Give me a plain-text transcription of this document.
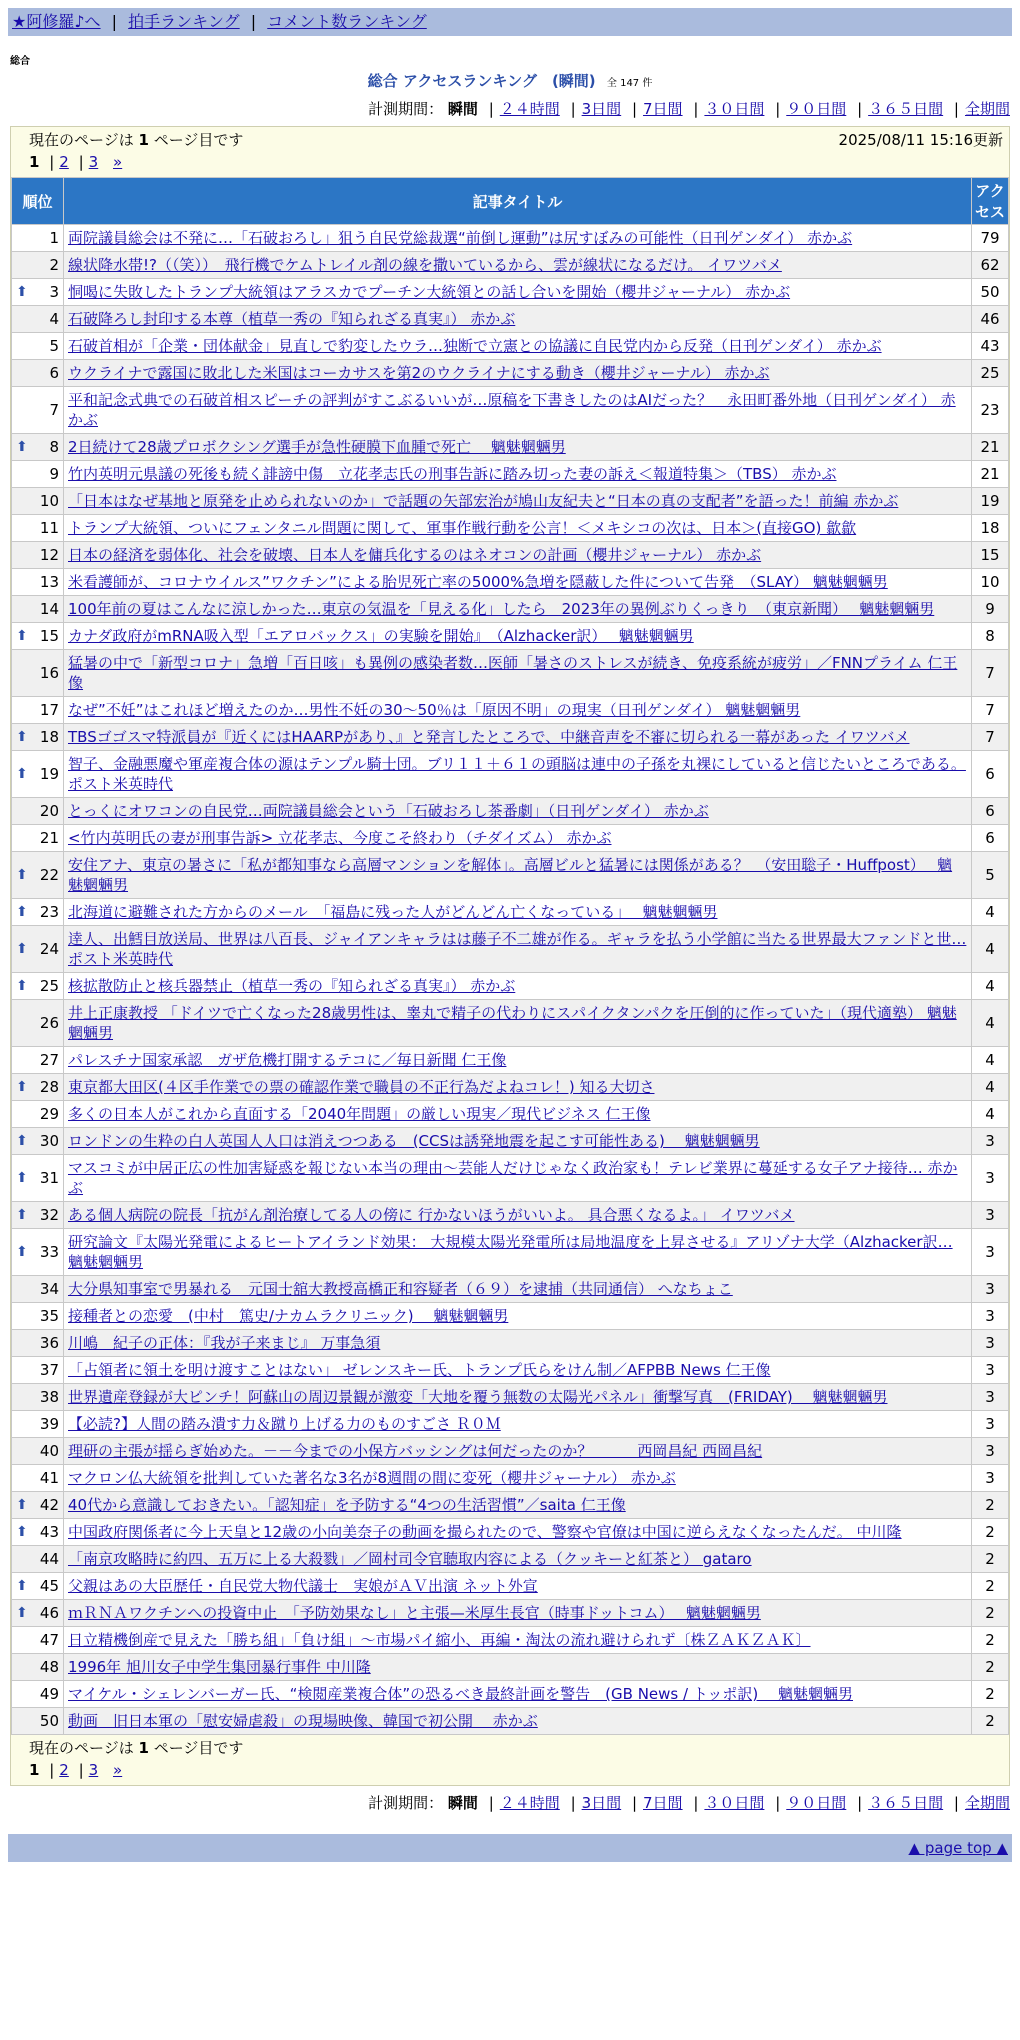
★阿修羅♪へ | 拍手ランキング | コメント数ランキング
総合
総合 アクセスランキング　(瞬間) 全 147 件
計測期間： 瞬間 | ２４時間 | 3日間 | 7日間 | ３０日間 | ９０日間 | ３６５日間 | 全期間
現在のページは 1 ページ目です	2025/08/11 15:16更新
1 | 2 | 3 »
順位	記事タイトル	アクセス
1	両院議員総会は不発に…「石破おろし」狙う自民党総裁選“前倒し運動”は尻すぼみの可能性（日刊ゲンダイ） 赤かぶ	79
2	線状降水帯!?（（笑））　飛行機でケムトレイル剤の線を撒いているから、雲が線状になるだけ。 イワツバメ	62

⬆ 3	恫喝に失敗したトランプ大統領はアラスカでプーチン大統領との話し合いを開始（櫻井ジャーナル） 赤かぶ	50
4	石破降ろし封印する本尊（植草一秀の『知られざる真実』） 赤かぶ	46
5	石破首相が「企業・団体献金」見直しで豹変したウラ…独断で立憲との協議に自民党内から反発（日刊ゲンダイ） 赤かぶ	43
6	ウクライナで露国に敗北した米国はコーカサスを第2のウクライナにする動き（櫻井ジャーナル） 赤かぶ	25
7	平和記念式典での石破首相スピーチの評判がすこぶるいいが…原稿を下書きしたのはAIだった？　永田町番外地（日刊ゲンダイ） 赤かぶ	23

⬆ 8	2日続けて28歳プロボクシング選手が急性硬膜下血腫で死亡　 魑魅魍魎男	21
9	竹内英明元県議の死後も続く誹謗中傷　立花孝志氏の刑事告訴に踏み切った妻の訴え＜報道特集＞（TBS） 赤かぶ	21
10	「日本はなぜ基地と原発を止められないのか」で話題の矢部宏治が鳩山友紀夫と“日本の真の支配者”を語った！前編 赤かぶ	19
11	トランプ大統領、ついにフェンタニル問題に関して、軍事作戦行動を公言！＜メキシコの次は、日本＞(直接GO) 歙歙	18
12	日本の経済を弱体化、社会を破壊、日本人を傭兵化するのはネオコンの計画（櫻井ジャーナル） 赤かぶ	15
13	米看護師が、コロナウイルス”ワクチン”による胎児死亡率の5000%急増を隠蔽した件について告発　（SLAY） 魑魅魍魎男	10
14	100年前の夏はこんなに涼しかった…東京の気温を「見える化」したら　2023年の異例ぶりくっきり　（東京新聞）　 魑魅魍魎男	9

⬆ 15	カナダ政府がmRNA吸入型「エアロバックス」の実験を開始』　（Alzhacker訳）　 魑魅魍魎男	8
16	猛暑の中で「新型コロナ」急増「百日咳」も異例の感染者数…医師「暑さのストレスが続き、免疫系統が疲労」／FNNプライム 仁王像	7
17	なぜ”不妊”はこれほど増えたのか…男性不妊の30～50％は「原因不明」の現実（日刊ゲンダイ） 魑魅魍魎男	7

⬆ 18	TBSゴゴスマ特派員が『近くにはHAARPがあり、』と発言したところで、中継音声を不審に切られる一幕があった イワツバメ	7

⬆ 19	智子、金融悪魔や軍産複合体の源はテンプル騎士団。ブリ１１＋６１の頭脳は連中の子孫を丸裸にしていると信じたいところである。 ポスト米英時代	6
20	とっくにオワコンの自民党…両院議員総会という「石破おろし茶番劇」（日刊ゲンダイ） 赤かぶ	6
21	<竹内英明氏の妻が刑事告訴> 立花孝志、今度こそ終わり（チダイズム） 赤かぶ	6

⬆ 22	安住アナ、東京の暑さに「私が都知事なら高層マンションを解体」。高層ビルと猛暑には関係がある？　（安田聡子・Huffpost）　 魑魅魍魎男	5

⬆ 23	北海道に避難された方からのメール　「福島に残った人がどんどん亡くなっている」　 魑魅魍魎男	4

⬆ 24	逹人、出鱈目放送局、世界は八百長、ジャイアンキャラはは藤子不二雄が作る。ギャラを払う小学館に当たる世界最大ファンドと世… ポスト米英時代	4

⬆ 25	核拡散防止と核兵器禁止（植草一秀の『知られざる真実』） 赤かぶ	4
26	井上正康教授 「ドイツで亡くなった28歳男性は、睾丸で精子の代わりにスパイクタンパクを圧倒的に作っていた」（現代適塾） 魑魅魍魎男	4
27	パレスチナ国家承認　ガザ危機打開するテコに／毎日新聞 仁王像	4

⬆ 28	東京都大田区(４区手作業での票の確認作業で職員の不正行為だよねコレ！) 知る大切さ	4
29	多くの日本人がこれから直面する「2040年問題」の厳しい現実／現代ビジネス 仁王像	4

⬆ 30	ロンドンの生粋の白人英国人人口は消えつつある　(CCSは誘発地震を起こす可能性ある)　 魑魅魍魎男	3

⬆ 31	マスコミが中居正広の性加害疑惑を報じない本当の理由〜芸能人だけじゃなく政治家も！テレビ業界に蔓延する女子アナ接待… 赤かぶ	3

⬆ 32	ある個人病院の院長「抗がん剤治療してる人の傍に 行かないほうがいいよ。 具合悪くなるよ。」 イワツバメ	3

⬆ 33	研究論文『太陽光発電によるヒートアイランド効果： 大規模太陽光発電所は局地温度を上昇させる』アリゾナ大学（Alzhacker訳… 魑魅魍魎男	3
34	大分県知事室で男暴れる　元国士舘大教授高橋正和容疑者（６９）を逮捕（共同通信） へなちょこ	3
35	接種者との恋愛　(中村　篤史/ナカムラクリニック)　 魑魅魍魎男	3
36	川嶋　紀子の正体：『我が子来まじ』 万事急須	3
37	「占領者に領土を明け渡すことはない」 ゼレンスキー氏、トランプ氏らをけん制／AFPBB News 仁王像	3
38	世界遺産登録が大ピンチ！阿蘇山の周辺景観が激変「大地を覆う無数の太陽光パネル」衝撃写真　(FRIDAY)　 魑魅魍魎男	3
39	【必読?】人間の踏み潰す力＆蹴り上げる力のものすごさ Ｒ０Ｍ	3
40	理研の主張が揺らぎ始めた。－－今までの小保方バッシングは何だったのか？　　　西岡昌紀 西岡昌紀	3
41	マクロン仏大統領を批判していた著名な3名が8週間の間に変死（櫻井ジャーナル） 赤かぶ	3

⬆ 42	40代から意識しておきたい。「認知症」を予防する“4つの生活習慣”／saita 仁王像	2

⬆ 43	中国政府関係者に今上天皇と12歳の小向美奈子の動画を撮られたので、警察や官僚は中国に逆らえなくなったんだ。 中川隆	2
44	「南京攻略時に約四、五万に上る大殺戮」／岡村司令官聴取内容による（クッキーと紅茶と） gataro	2

⬆ 45	父親はあの大臣歴任・自民党大物代議士　実娘がＡＶ出演 ネット外宣	2

⬆ 46	ｍＲＮＡワクチンへの投資中止　「予防効果なし」と主張—米厚生長官（時事ドットコム）　 魑魅魍魎男	2
47	日立精機倒産で見えた「勝ち組」「負け組」～市場パイ縮小、再編・淘汰の流れ避けられず〔株ＺＡＫＺＡＫ〕	2
48	1996年 旭川女子中学生集団暴行事件 中川隆	2
49	マイケル・シェレンバーガー氏、“検閲産業複合体”の恐るべき最終計画を警告　(GB News / トッポ訳)　 魑魅魍魎男	2
50	動画　旧日本軍の「慰安婦虐殺」の現場映像、韓国で初公開　 赤かぶ	2
現在のページは 1 ページ目です
1 | 2 | 3 »
計測期間： 瞬間 | ２４時間 | 3日間 | 7日間 | ３０日間 | ９０日間 | ３６５日間 | 全期間
▲ page top ▲
